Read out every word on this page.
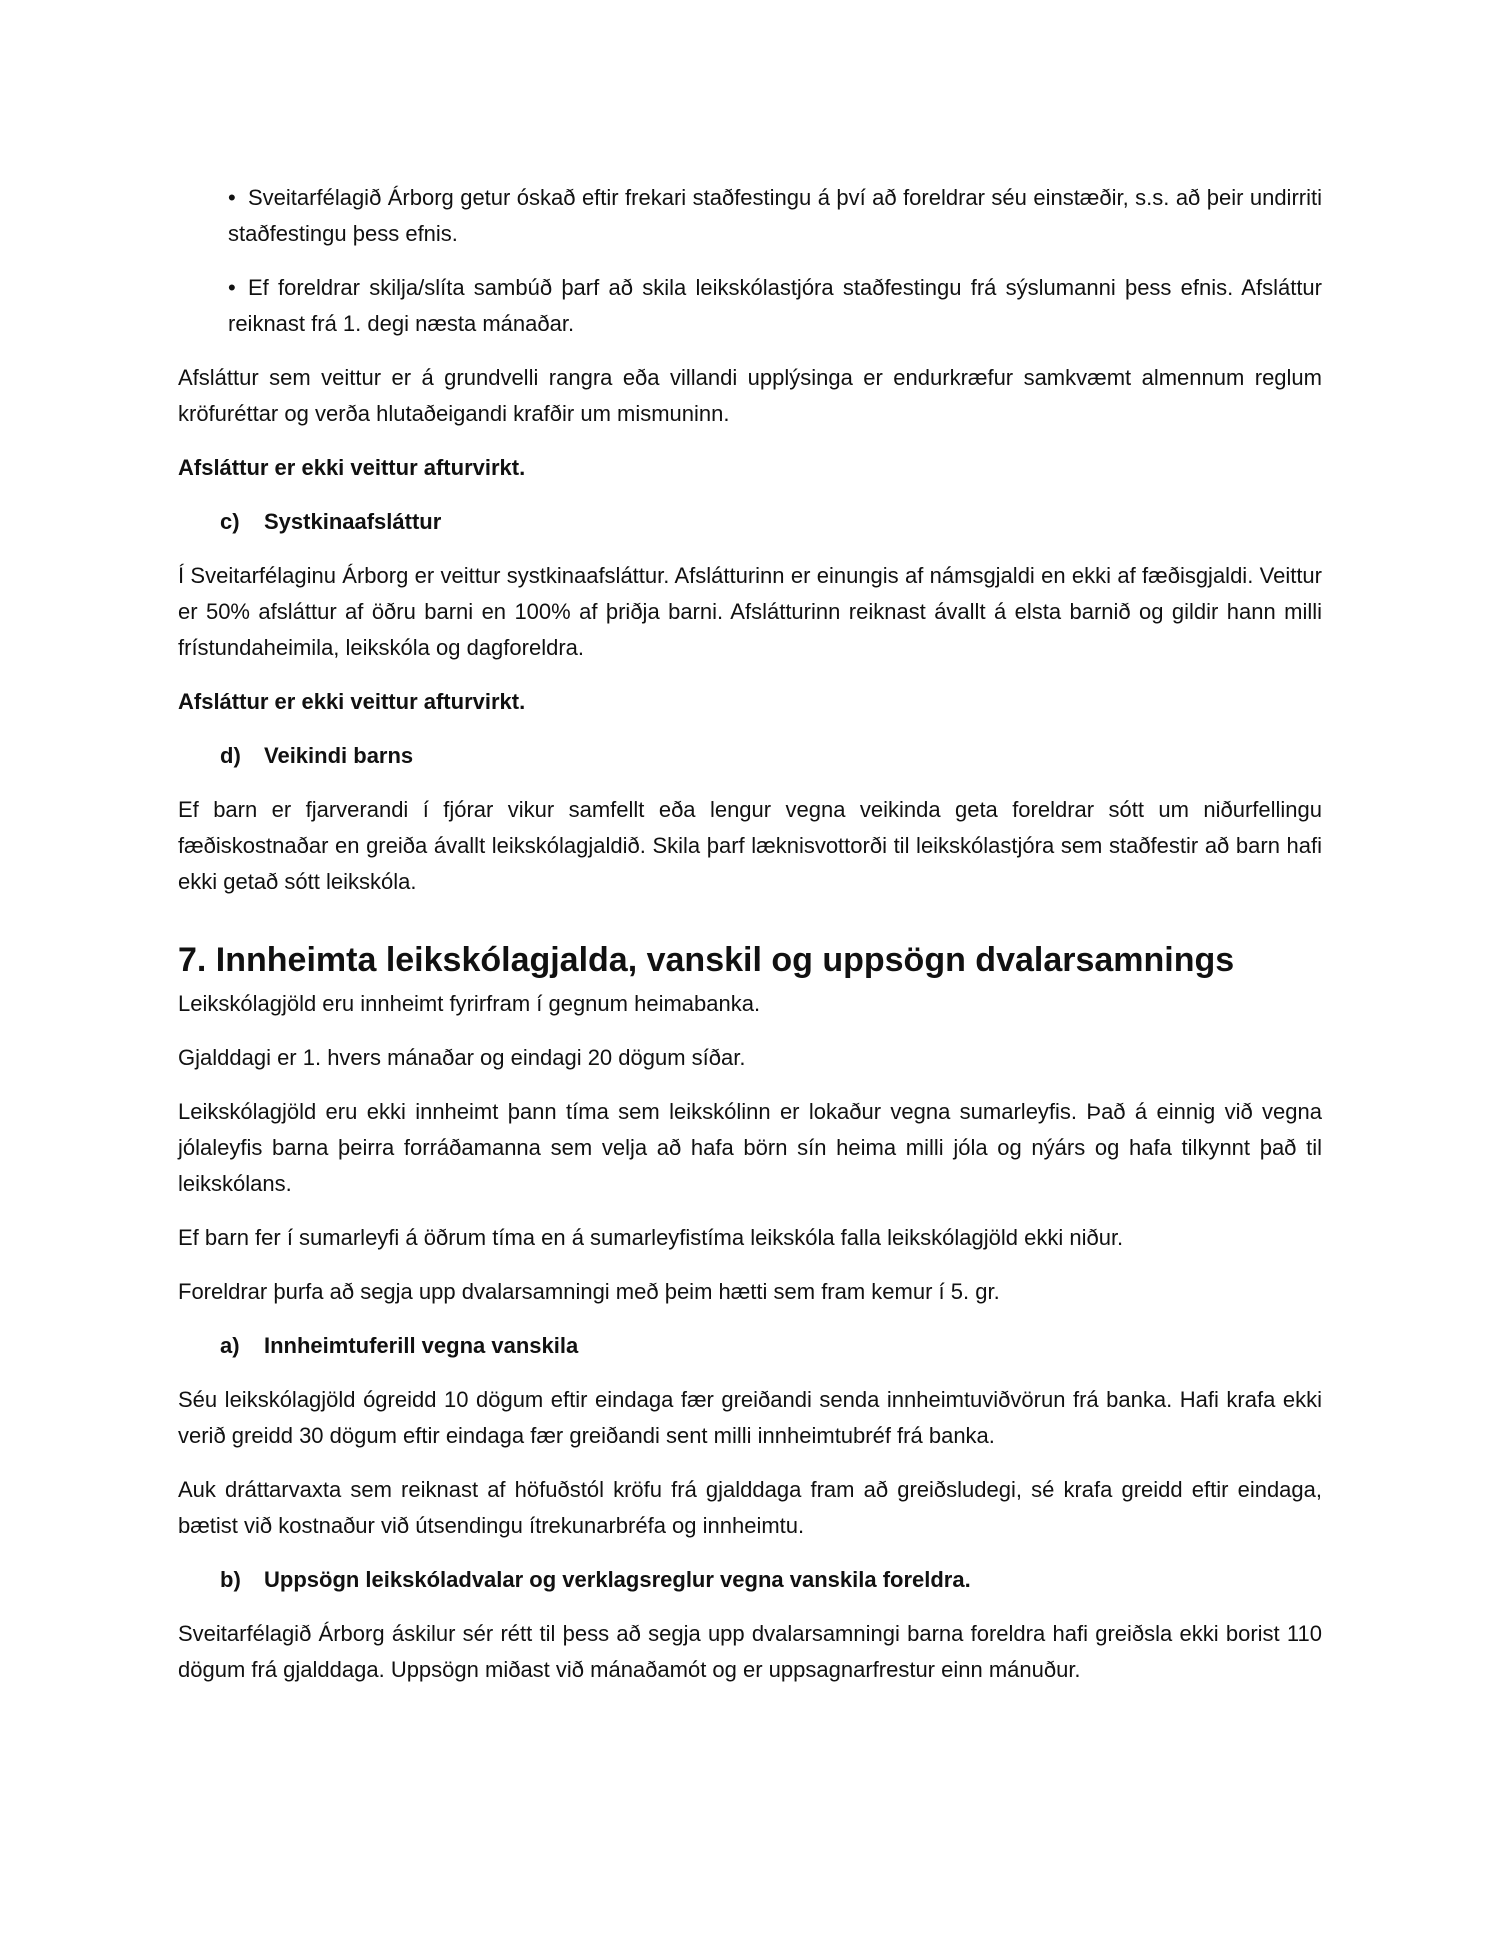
• Sveitarfélagið Árborg getur óskað eftir frekari staðfestingu á því að foreldrar séu einstæðir, s.s. að þeir undirriti staðfestingu þess efnis.
• Ef foreldrar skilja/slíta sambúð þarf að skila leikskólastjóra staðfestingu frá sýslumanni þess efnis. Afsláttur reiknast frá 1. degi næsta mánaðar.

Afsláttur sem veittur er á grundvelli rangra eða villandi upplýsinga er endurkræfur samkvæmt almennum reglum kröfuréttar og verða hlutaðeigandi krafðir um mismuninn.

Afsláttur er ekki veittur afturvirkt.

c) Systkinaafsláttur

Í Sveitarfélaginu Árborg er veittur systkinaafsláttur. Afslátturinn er einungis af námsgjaldi en ekki af fæðisgjaldi. Veittur er 50% afsláttur af öðru barni en 100% af þriðja barni. Afslátturinn reiknast ávallt á elsta barnið og gildir hann milli frístundaheimila, leikskóla og dagforeldra.

Afsláttur er ekki veittur afturvirkt.

d) Veikindi barns

Ef barn er fjarverandi í fjórar vikur samfellt eða lengur vegna veikinda geta foreldrar sótt um niðurfellingu fæðiskostnaðar en greiða ávallt leikskólagjaldið. Skila þarf læknisvottorði til leikskólastjóra sem staðfestir að barn hafi ekki getað sótt leikskóla.

7. Innheimta leikskólagjalda, vanskil og uppsögn dvalarsamnings

Leikskólagjöld eru innheimt fyrirfram í gegnum heimabanka.

Gjalddagi er 1. hvers mánaðar og eindagi 20 dögum síðar.

Leikskólagjöld eru ekki innheimt þann tíma sem leikskólinn er lokaður vegna sumarleyfis. Það á einnig við vegna jólaleyfis barna þeirra forráðamanna sem velja að hafa börn sín heima milli jóla og nýárs og hafa tilkynnt það til leikskólans.

Ef barn fer í sumarleyfi á öðrum tíma en á sumarleyfistíma leikskóla falla leikskólagjöld ekki niður.

Foreldrar þurfa að segja upp dvalarsamningi með þeim hætti sem fram kemur í 5. gr.

a) Innheimtuferill vegna vanskila

Séu leikskólagjöld ógreidd 10 dögum eftir eindaga fær greiðandi senda innheimtuviðvörun frá banka. Hafi krafa ekki verið greidd 30 dögum eftir eindaga fær greiðandi sent milli innheimtubréf frá banka.

Auk dráttarvaxta sem reiknast af höfuðstól kröfu frá gjalddaga fram að greiðsludegi, sé krafa greidd eftir eindaga, bætist við kostnaður við útsendingu ítrekunarbréfa og innheimtu.

b) Uppsögn leikskóladvalar og verklagsreglur vegna vanskila foreldra.

Sveitarfélagið Árborg áskilur sér rétt til þess að segja upp dvalarsamningi barna foreldra hafi greiðsla ekki borist 110 dögum frá gjalddaga. Uppsögn miðast við mánaðamót og er uppsagnarfrestur einn mánuður.
